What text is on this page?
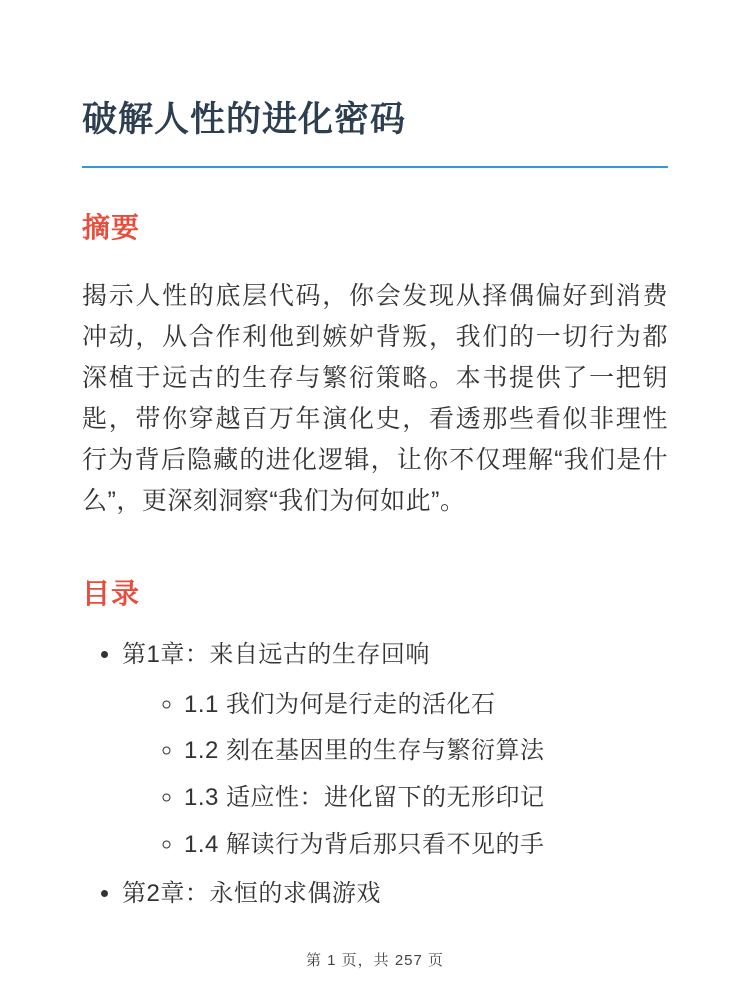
破解人性的进化密码
摘要

揭示人性的底层代码，你会发现从择偶偏好到消费冲动，从合作利他到嫉妒背叛，我们的一切行为都深植于远古的生存与繁衍策略。本书提供了一把钥匙，带你穿越百万年演化史，看透那些看似非理性行为背后隐藏的进化逻辑，让你不仅理解“我们是什么”，更深刻洞察“我们为何如此”。

目录
• 第1章：来自远古的生存回响
◦ 1.1 我们为何是行走的活化石
◦ 1.2 刻在基因里的生存与繁衍算法
◦ 1.3 适应性：进化留下的无形印记
◦ 1.4 解读行为背后那只看不见的手
• 第2章：永恒的求偶游戏
第 1 页，共 257 页
